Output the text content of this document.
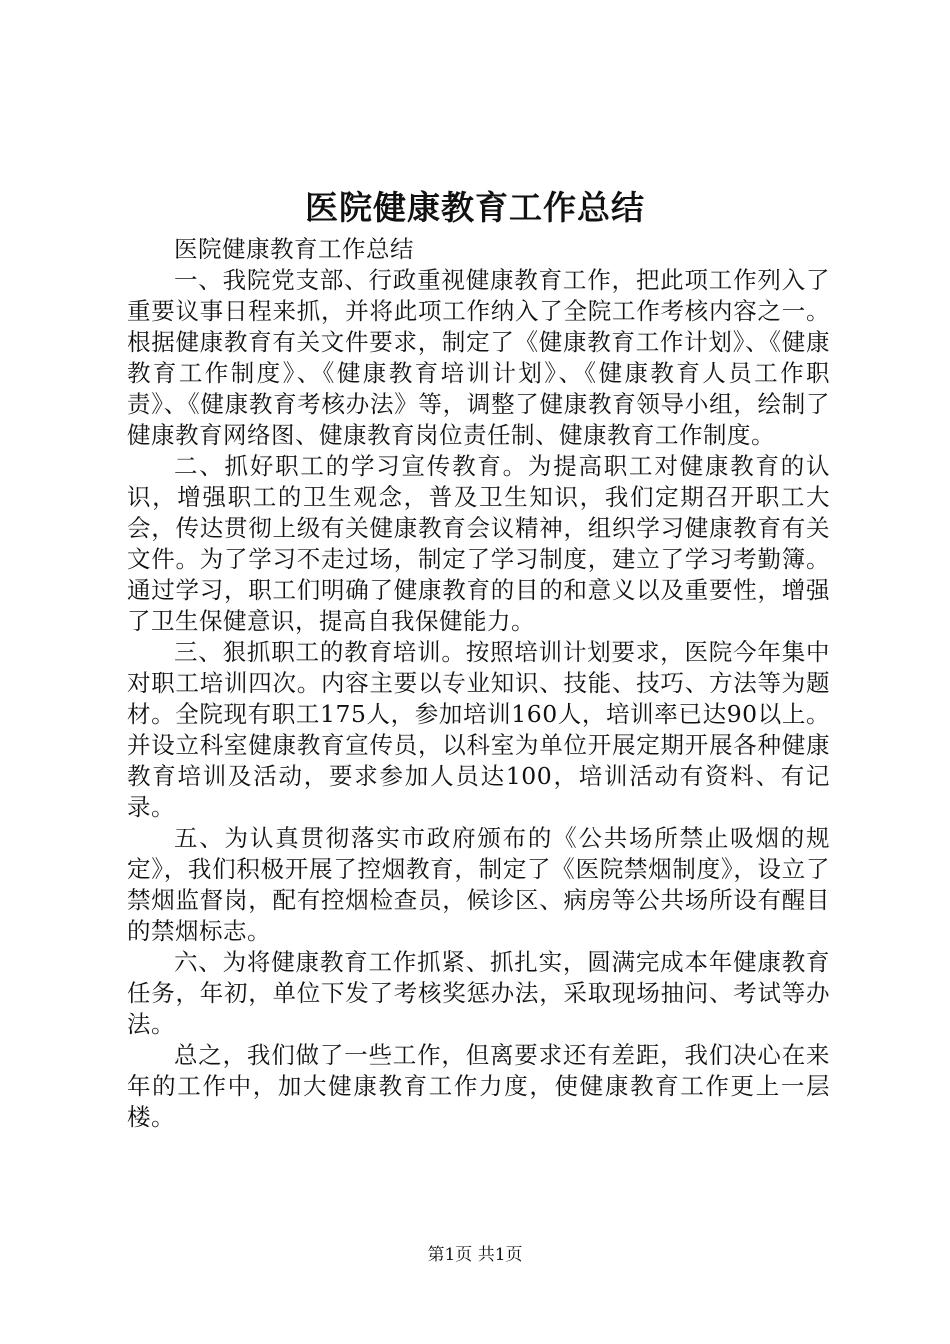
医院健康教育工作总结

医院健康教育工作总结

一、我院党支部、行政重视健康教育工作，把此项工作列入了重要议事日程来抓，并将此项工作纳入了全院工作考核内容之一。根据健康教育有关文件要求，制定了《健康教育工作计划》、《健康教育工作制度》、《健康教育培训计划》、《健康教育人员工作职责》、《健康教育考核办法》等，调整了健康教育领导小组，绘制了健康教育网络图、健康教育岗位责任制、健康教育工作制度。

二、抓好职工的学习宣传教育。为提高职工对健康教育的认识，增强职工的卫生观念，普及卫生知识，我们定期召开职工大会，传达贯彻上级有关健康教育会议精神，组织学习健康教育有关文件。为了学习不走过场，制定了学习制度，建立了学习考勤簿。通过学习，职工们明确了健康教育的目的和意义以及重要性，增强了卫生保健意识，提高自我保健能力。

三、狠抓职工的教育培训。按照培训计划要求，医院今年集中对职工培训四次。内容主要以专业知识、技能、技巧、方法等为题材。全院现有职工175人，参加培训160人，培训率已达90以上。并设立科室健康教育宣传员，以科室为单位开展定期开展各种健康教育培训及活动，要求参加人员达100，培训活动有资料、有记录。

五、为认真贯彻落实市政府颁布的《公共场所禁止吸烟的规定》，我们积极开展了控烟教育，制定了《医院禁烟制度》，设立了禁烟监督岗，配有控烟检查员，候诊区、病房等公共场所设有醒目的禁烟标志。

六、为将健康教育工作抓紧、抓扎实，圆满完成本年健康教育任务，年初，单位下发了考核奖惩办法，采取现场抽问、考试等办法。

总之，我们做了一些工作，但离要求还有差距，我们决心在来年的工作中，加大健康教育工作力度，使健康教育工作更上一层楼。

第1页 共1页
